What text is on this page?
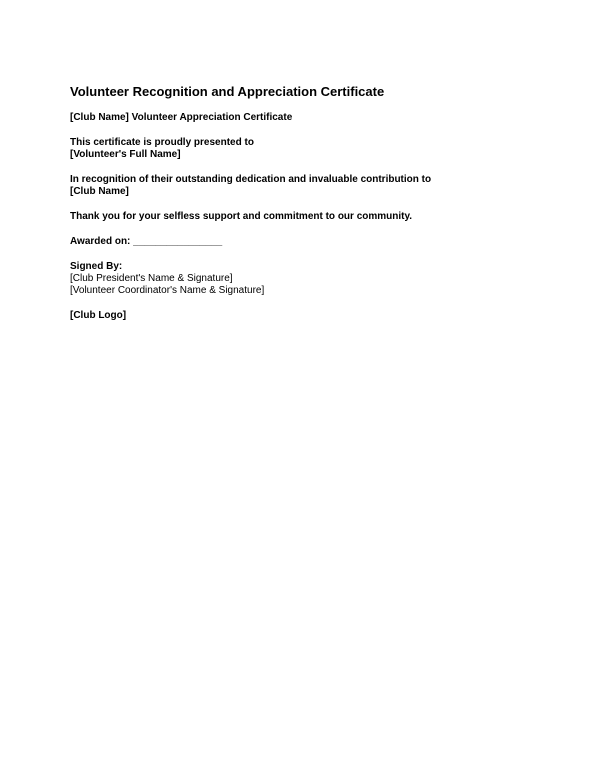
Volunteer Recognition and Appreciation Certificate
[Club Name] Volunteer Appreciation Certificate
This certificate is proudly presented to
[Volunteer's Full Name]
In recognition of their outstanding dedication and invaluable contribution to
[Club Name]
Thank you for your selfless support and commitment to our community.
Awarded on: ________________
Signed By:
[Club President's Name & Signature]
[Volunteer Coordinator's Name & Signature]
[Club Logo]
